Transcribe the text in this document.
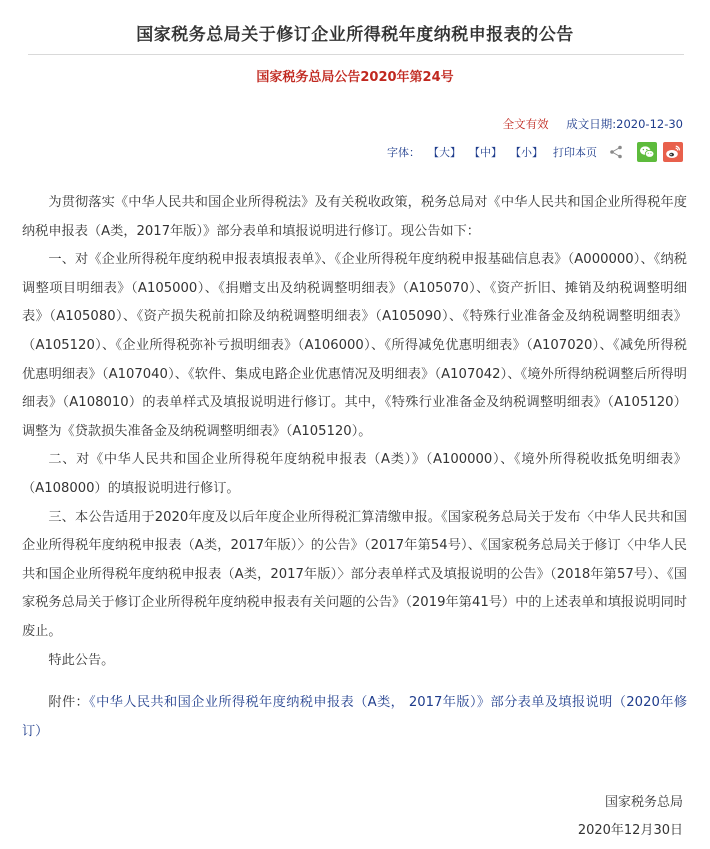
国家税务总局关于修订企业所得税年度纳税申报表的公告
国家税务总局公告2020年第24号
全文有效 成文日期:2020-12-30
字体： 【大】 【中】 【小】 打印本页

为贯彻落实《中华人民共和国企业所得税法》及有关税收政策，税务总局对《中华人民共和国企业所得税年度纳税申报表（A类，2017年版）》部分表单和填报说明进行修订。现公告如下：

一、对《企业所得税年度纳税申报表填报表单》、《企业所得税年度纳税申报基础信息表》（A000000）、《纳税调整项目明细表》（A105000）、《捐赠支出及纳税调整明细表》（A105070）、《资产折旧、摊销及纳税调整明细表》（A105080）、《资产损失税前扣除及纳税调整明细表》（A105090）、《特殊行业准备金及纳税调整明细表》（A105120）、《企业所得税弥补亏损明细表》（A106000）、《所得减免优惠明细表》（A107020）、《减免所得税优惠明细表》（A107040）、《软件、集成电路企业优惠情况及明细表》（A107042）、《境外所得纳税调整后所得明细表》（A108010）的表单样式及填报说明进行修订。其中，《特殊行业准备金及纳税调整明细表》（A105120）调整为《贷款损失准备金及纳税调整明细表》（A105120）。

二、对《中华人民共和国企业所得税年度纳税申报表（A类）》（A100000）、《境外所得税收抵免明细表》（A108000）的填报说明进行修订。

三、本公告适用于2020年度及以后年度企业所得税汇算清缴申报。《国家税务总局关于发布〈中华人民共和国企业所得税年度纳税申报表（A类，2017年版）〉的公告》（2017年第54号）、《国家税务总局关于修订〈中华人民共和国企业所得税年度纳税申报表（A类，2017年版）〉部分表单样式及填报说明的公告》（2018年第57号）、《国家税务总局关于修订企业所得税年度纳税申报表有关问题的公告》（2019年第41号）中的上述表单和填报说明同时废止。

特此公告。

附件：《中华人民共和国企业所得税年度纳税申报表（A类， 2017年版）》部分表单及填报说明（2020年修订）

国家税务总局
2020年12月30日
